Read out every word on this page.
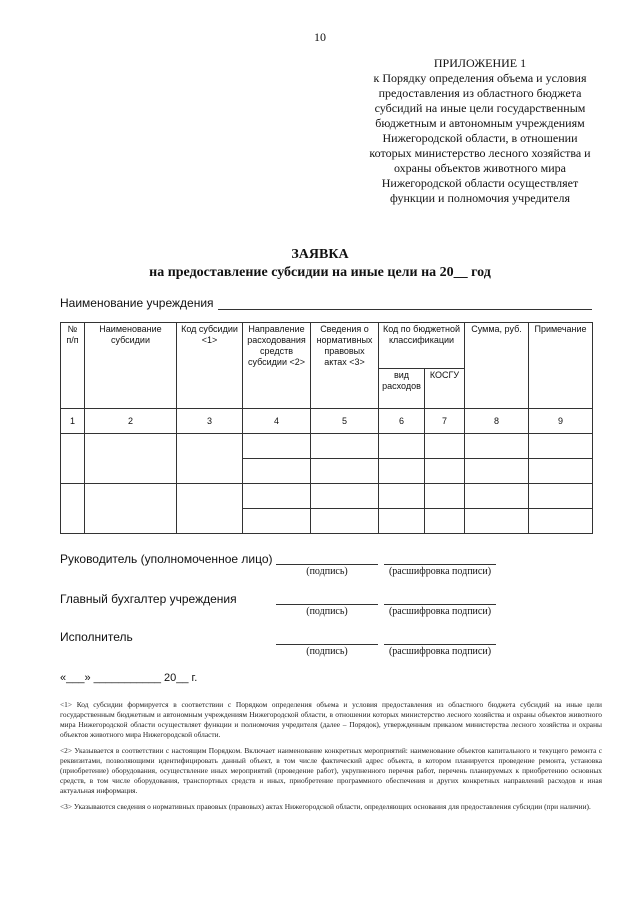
10
ПРИЛОЖЕНИЕ 1
к Порядку определения объема и условия
предоставления из областного бюджета
субсидий на иные цели государственным
бюджетным и автономным учреждениям
Нижегородской области, в отношении
которых министерство лесного хозяйства и
охраны объектов животного мира
Нижегородской области осуществляет
функции и полномочия учредителя
ЗАЯВКА
на предоставление субсидии на иные цели на 20__ год
Наименование учреждения
№ п/п	Наименование субсидии	Код субсидии <1>	Направление расходования средств субсидии <2>	Сведения о нормативных правовых актах <3>	Код по бюджетной классификации		Сумма, руб.	Примечание
					вид расходов	КОСГУ		
1	2	3	4	5	6	7	8	9

Руководитель (уполномоченное лицо)
(подпись)	(расшифровка подписи)
Главный бухгалтер учреждения
(подпись)	(расшифровка подписи)
Исполнитель
(подпись)	(расшифровка подписи)
«___» ___________ 20__ г.

<1> Код субсидии формируется в соответствии с Порядком определения объема и условия предоставления из областного бюджета субсидий на иные цели государственным бюджетным и автономным учреждениям Нижегородской области, в отношении которых министерство лесного хозяйства и охраны объектов животного мира Нижегородской области осуществляет функции и полномочия учредителя (далее – Порядок), утвержденным приказом министерства лесного хозяйства и охраны объектов животного мира Нижегородской области.

<2> Указывается в соответствии с настоящим Порядком. Включает наименование конкретных мероприятий: наименование объектов капитального и текущего ремонта с реквизитами, позволяющими идентифицировать данный объект, в том числе фактический адрес объекта, в котором планируется проведение ремонта, установка (приобретение) оборудования, осуществление иных мероприятий (проведение работ), укрупненного перечня работ, перечень планируемых к приобретению основных средств, в том числе оборудования, транспортных средств и иных, приобретение программного обеспечения и других конкретных направлений расходов и иная актуальная информация.

<3> Указываются сведения о нормативных правовых (правовых) актах Нижегородской области, определяющих основания для предоставления субсидии (при наличии).
